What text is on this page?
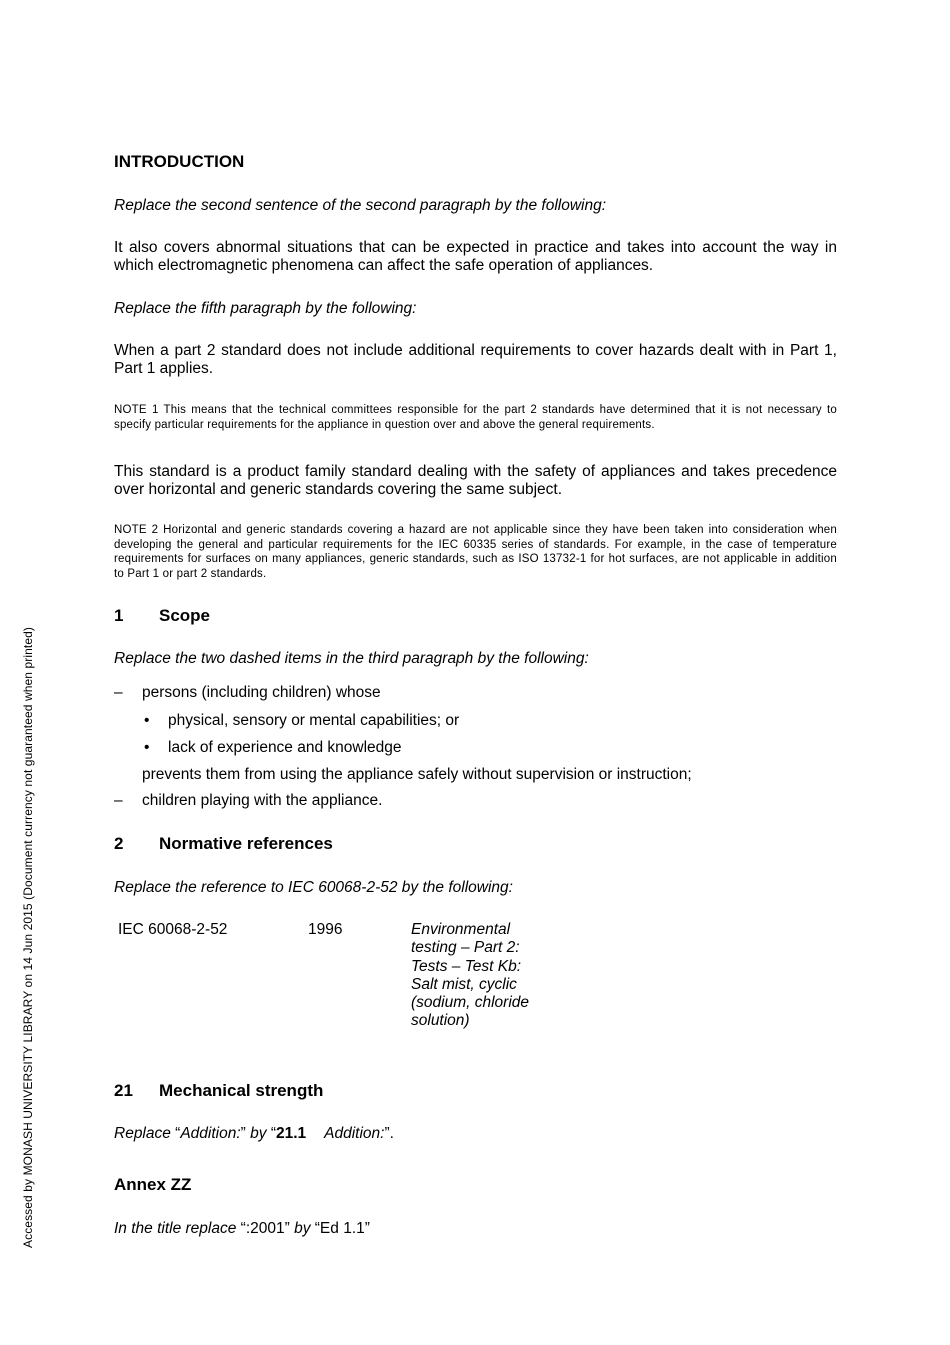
Accessed by MONASH UNIVERSITY LIBRARY on 14 Jun 2015 (Document currency not guaranteed when printed)
INTRODUCTION
Replace the second sentence of the second paragraph by the following:
It also covers abnormal situations that can be expected in practice and takes into account the way in which electromagnetic phenomena can affect the safe operation of appliances.
Replace the fifth paragraph by the following:
When a part 2 standard does not include additional requirements to cover hazards dealt with in Part 1, Part 1 applies.
NOTE 1 This means that the technical committees responsible for the part 2 standards have determined that it is not necessary to specify particular requirements for the appliance in question over and above the general requirements.
This standard is a product family standard dealing with the safety of appliances and takes precedence over horizontal and generic standards covering the same subject.
NOTE 2 Horizontal and generic standards covering a hazard are not applicable since they have been taken into consideration when developing the general and particular requirements for the IEC 60335 series of standards. For example, in the case of temperature requirements for surfaces on many appliances, generic standards, such as ISO 13732-1 for hot surfaces, are not applicable in addition to Part 1 or part 2 standards.
1 Scope
Replace the two dashed items in the third paragraph by the following:
– persons (including children) whose
• physical, sensory or mental capabilities; or
• lack of experience and knowledge
prevents them from using the appliance safely without supervision or instruction;
– children playing with the appliance.
2 Normative references
Replace the reference to IEC 60068-2-52 by the following:
IEC 60068-2-52	1996	Environmental testing – Part 2: Tests – Test Kb: Salt mist, cyclic (sodium, chloride solution)
21 Mechanical strength
Replace “Addition:” by “21.1 Addition:”.
Annex ZZ
In the title replace “:2001” by “Ed 1.1”
